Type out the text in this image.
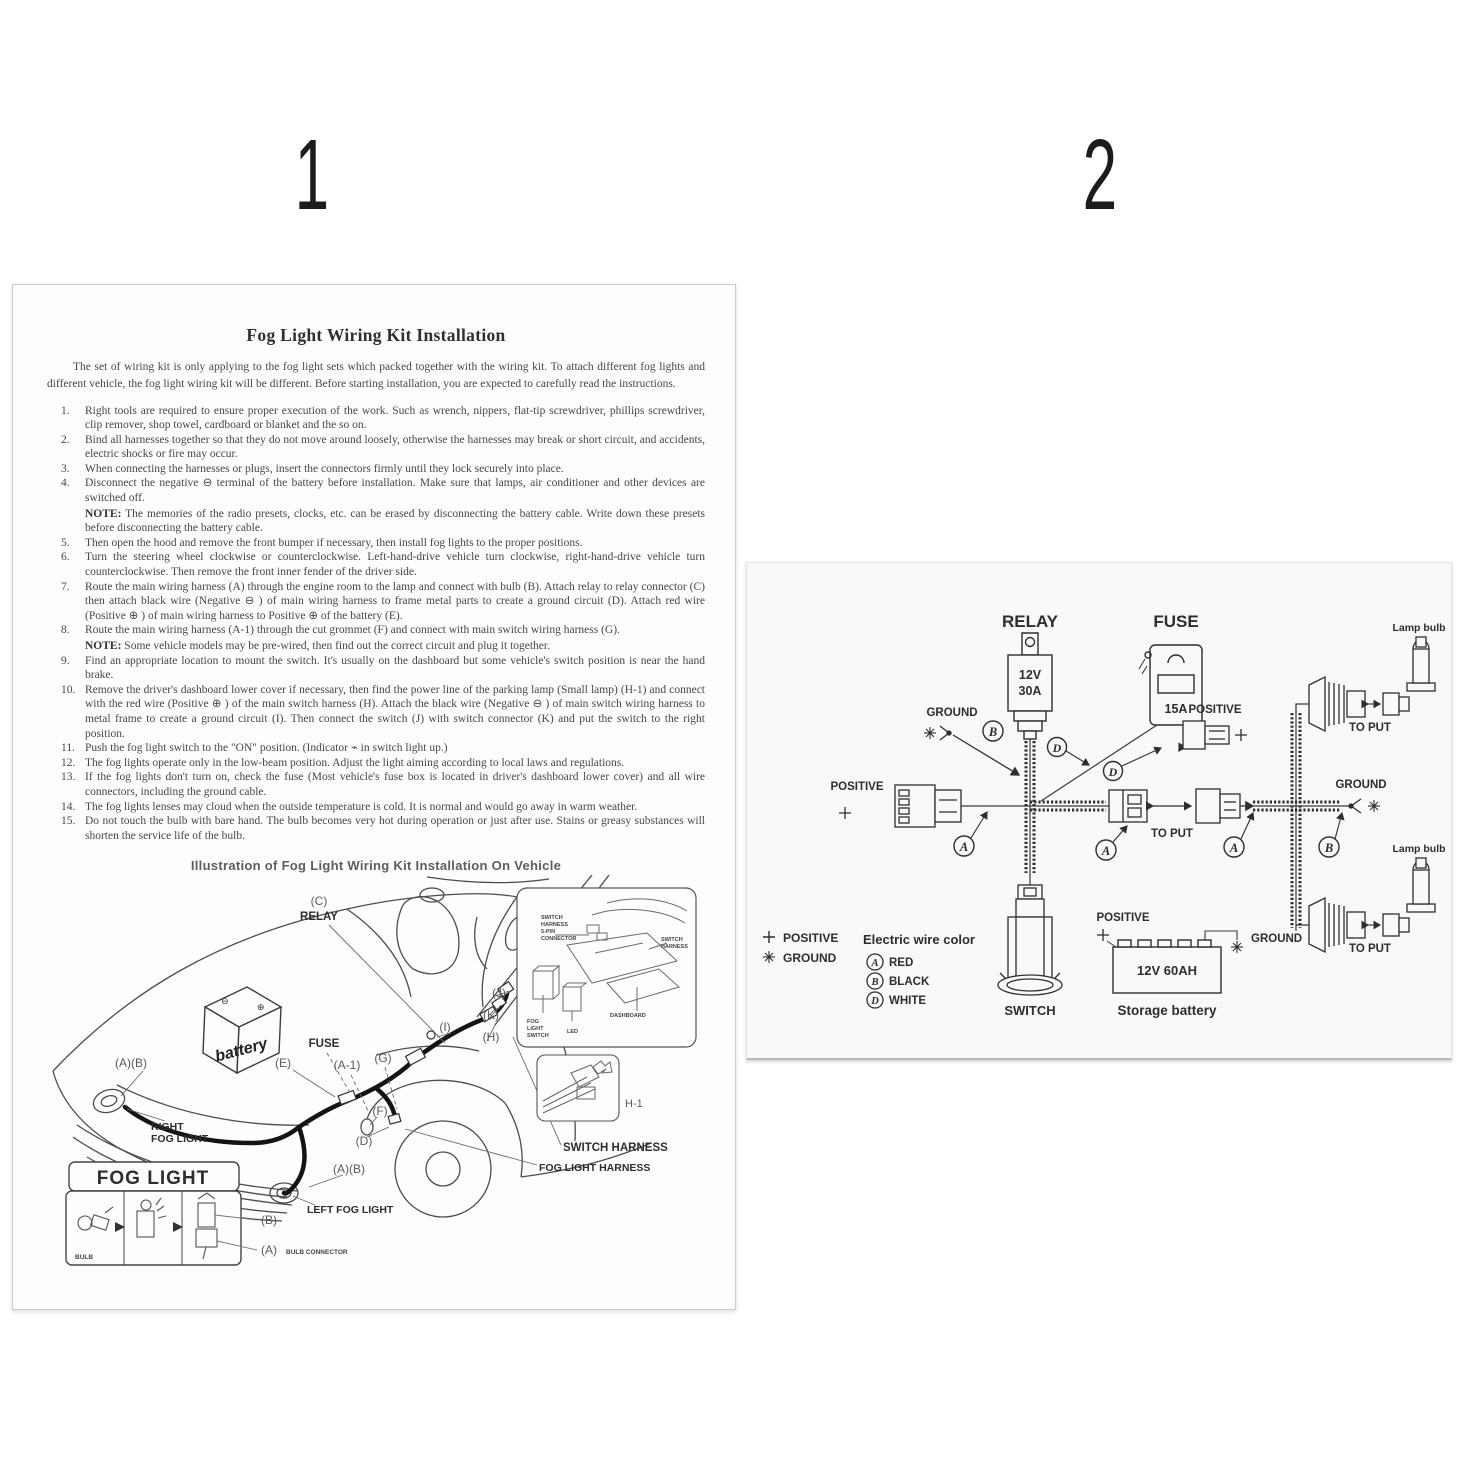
1	2
Fog Light Wiring Kit Installation
The set of wiring kit is only applying to the fog light sets which packed together with the wiring kit. To attach different fog lights and different vehicle, the fog light wiring kit will be different. Before starting installation, you are expected to carefully read the instructions.
1.	Right tools are required to ensure proper execution of the work. Such as wrench, nippers, flat-tip screwdriver, phillips screwdriver, clip remover, shop towel, cardboard or blanket and the so on.
2.	Bind all harnesses together so that they do not move around loosely, otherwise the harnesses may break or short circuit, and accidents, electric shocks or fire may occur.
3.	When connecting the harnesses or plugs, insert the connectors firmly until they lock securely into place.
4.	Disconnect the negative ⊖ terminal of the battery before installation. Make sure that lamps, air conditioner and other devices are switched off.
NOTE: The memories of the radio presets, clocks, etc. can be erased by disconnecting the battery cable. Write down these presets before disconnecting the battery cable.
5.	Then open the hood and remove the front bumper if necessary, then install fog lights to the proper positions.
6.	Turn the steering wheel clockwise or counterclockwise. Left-hand-drive vehicle turn clockwise, right-hand-drive vehicle turn counterclockwise. Then remove the front inner fender of the driver side.
7.	Route the main wiring harness (A) through the engine room to the lamp and connect with bulb (B). Attach relay to relay connector (C) then attach black wire (Negative ⊖ ) of main wiring harness to frame metal parts to create a ground circuit (D). Attach red wire (Positive ⊕ ) of main wiring harness to Positive ⊕ of the battery (E).
8.	Route the main wiring harness (A-1) through the cut grommet (F) and connect with main switch wiring harness (G).
NOTE: Some vehicle models may be pre-wired, then find out the correct circuit and plug it together.
9.	Find an appropriate location to mount the switch. It's usually on the dashboard but some vehicle's switch position is near the hand brake.
10. Remove the driver's dashboard lower cover if necessary, then find the power line of the parking lamp (Small lamp) (H-1) and connect with the red wire (Positive ⊕ ) of the main switch harness (H). Attach the black wire (Negative ⊖ ) of main switch wiring harness to metal frame to create a ground circuit (I). Then connect the switch (J) with switch connector (K) and put the switch to the right position.
11. Push the fog light switch to the "ON" position. (Indicator ⌁ in switch light up.)
12. The fog lights operate only in the low-beam position. Adjust the light aiming according to local laws and regulations.
13. If the fog lights don't turn on, check the fuse (Most vehicle's fuse box is located in driver's dashboard lower cover) and all wire connectors, including the ground cable.
14. The fog lights lenses may cloud when the outside temperature is cold. It is normal and would go away in warm weather.
15. Do not touch the bulb with bare hand. The bulb becomes very hot during operation or just after use. Stains or greasy substances will shorten the service life of the bulb.
Illustration of Fog Light Wiring Kit Installation On Vehicle
⊖
⊕
battery
(C)
RELAY
FUSE
(E)	(A-1) (G)
(F)
(D)
(A)(B)
(A)(B)
(I)
(J)
(K)
(H)
RIGHT
FOG LIGHT
LEFT FOG LIGHT
SWITCH HARNESS
FOG LIGHT HARNESS
H-1
SWITCH
HARNESS
5-PIN
CONNECTOR	SWITCH
HARNESS
DASHBOARD
FOG
LIGHT
SWITCH
LED
FOG LIGHT
BULB
(B)
(A) BULB CONNECTOR
RELAY
12V
30A
GROUND
B
FUSE
15A
D
D
POSITIVE
POSITIVE
TO PUT
A	A	A	B
GROUND
TO PUT
Lamp bulb
TO PUT
Lamp bulb
SWITCH
POSITIVE
GROUND
Electric wire color
A RED
B BLACK
D WHITE
POSITIVE
GROUND
12V 60AH
Storage battery
